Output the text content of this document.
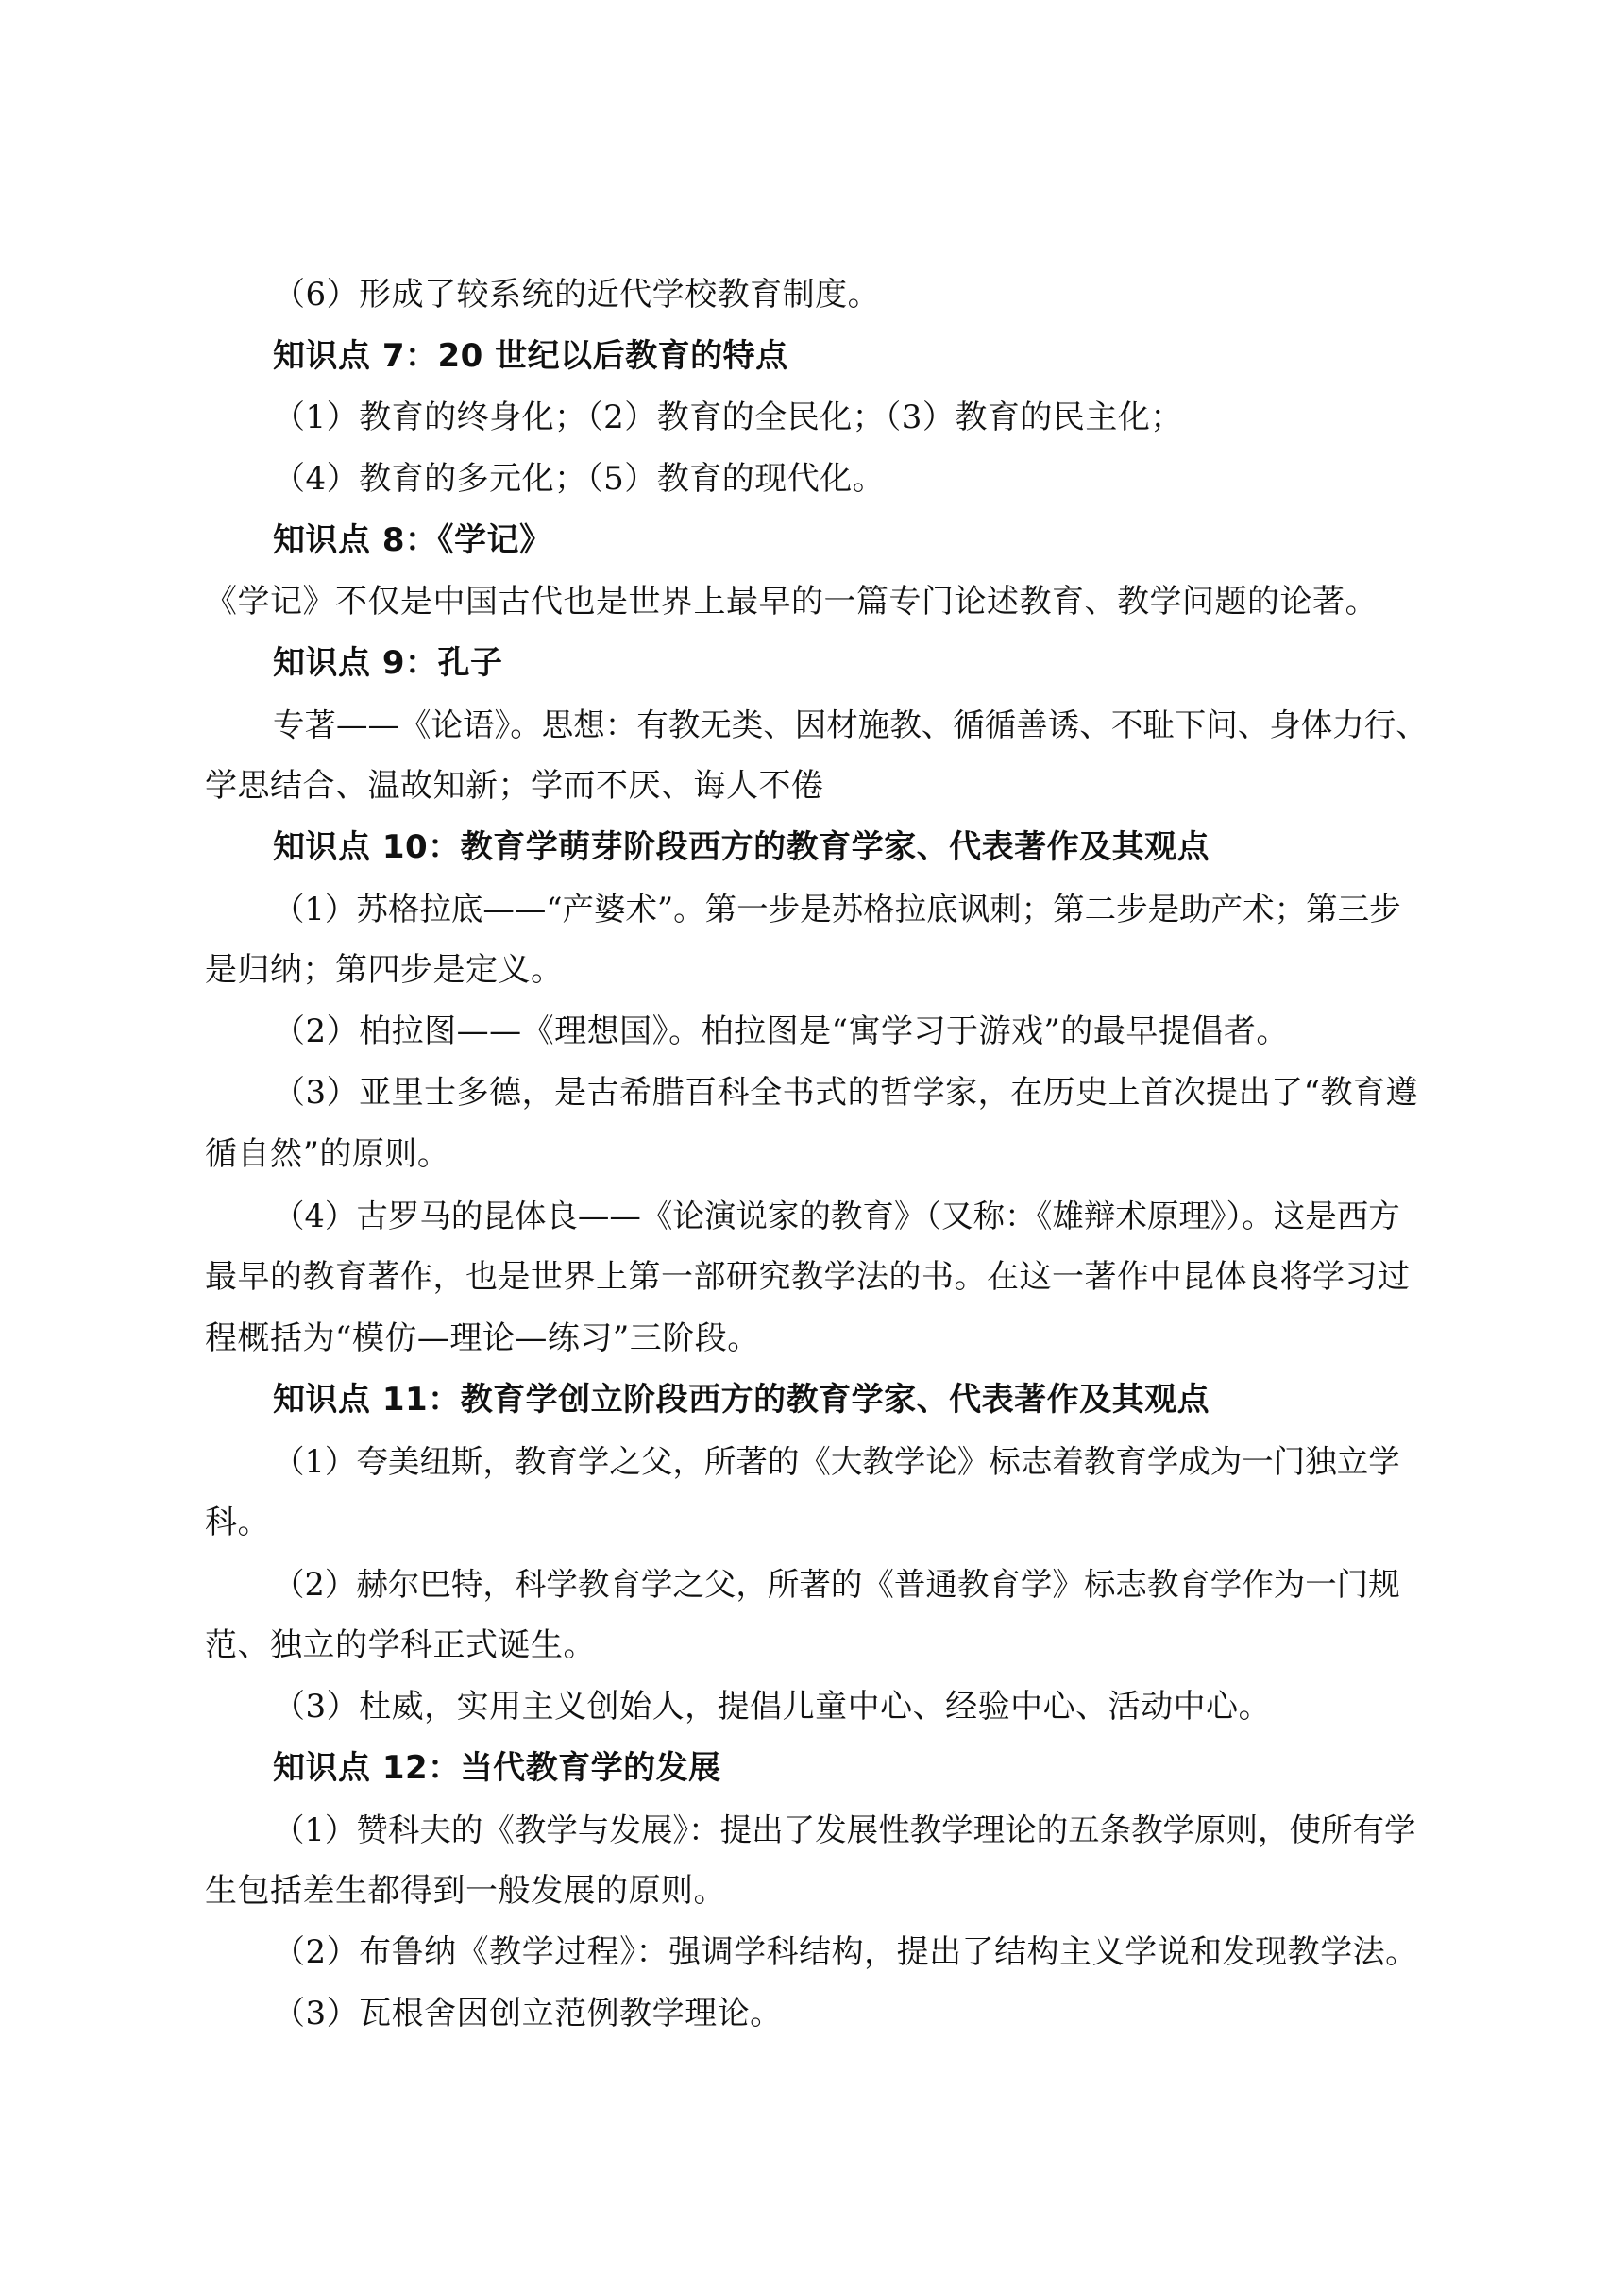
（6）形成了较系统的近代学校教育制度。
知识点 7：20 世纪以后教育的特点
（1）教育的终身化；（2）教育的全民化；（3）教育的民主化；
（4）教育的多元化；（5）教育的现代化。
知识点 8：《学记》
《学记》不仅是中国古代也是世界上最早的一篇专门论述教育、教学问题的论著。
知识点 9：孔子
专著——《论语》。思想：有教无类、因材施教、循循善诱、不耻下问、身体力行、
学思结合、温故知新；学而不厌、诲人不倦
知识点 10：教育学萌芽阶段西方的教育学家、代表著作及其观点
（1）苏格拉底——“产婆术”。第一步是苏格拉底讽刺；第二步是助产术；第三步
是归纳；第四步是定义。
（2）柏拉图——《理想国》。柏拉图是“寓学习于游戏”的最早提倡者。
（3）亚里士多德，是古希腊百科全书式的哲学家，在历史上首次提出了“教育遵
循自然”的原则。
（4）古罗马的昆体良——《论演说家的教育》（又称：《雄辩术原理》）。这是西方
最早的教育著作，也是世界上第一部研究教学法的书。在这一著作中昆体良将学习过
程概括为“模仿—理论—练习”三阶段。
知识点 11：教育学创立阶段西方的教育学家、代表著作及其观点
（1）夸美纽斯，教育学之父，所著的《大教学论》标志着教育学成为一门独立学
科。
（2）赫尔巴特，科学教育学之父，所著的《普通教育学》标志教育学作为一门规
范、独立的学科正式诞生。
（3）杜威，实用主义创始人，提倡儿童中心、经验中心、活动中心。
知识点 12：当代教育学的发展
（1）赞科夫的《教学与发展》：提出了发展性教学理论的五条教学原则，使所有学
生包括差生都得到一般发展的原则。
（2）布鲁纳《教学过程》：强调学科结构，提出了结构主义学说和发现教学法。
（3）瓦根舍因创立范例教学理论。
